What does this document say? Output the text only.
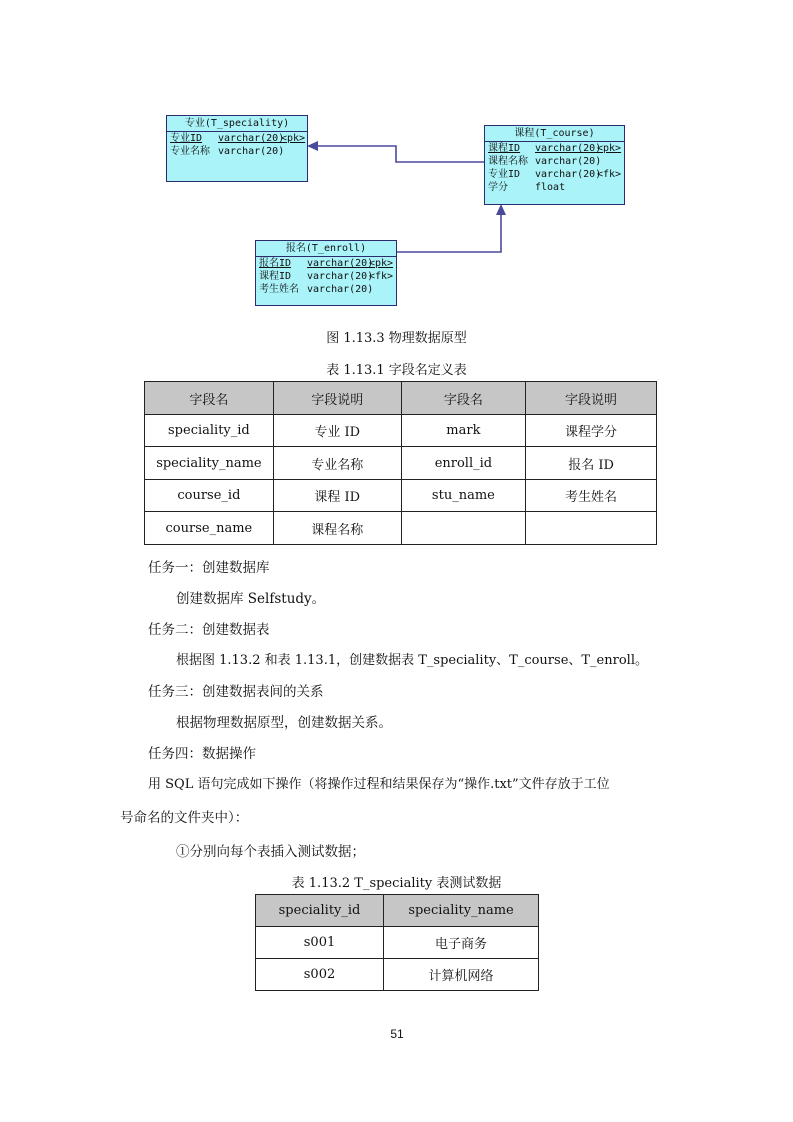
专业(T_speciality)
专业ID varchar(20)
<pk>
专业名称 varchar(20)
课程(T_course)
课程ID varchar(20)
<pk>
课程名称 varchar(20)
专业ID varchar(20)
<fk>
学分	float
报名(T_enroll)
报名ID varchar(20)
<pk>
课程ID varchar(20)
<fk>
考生姓名 varchar(20)
图 1.13.3 物理数据原型
表 1.13.1 字段名定义表
字段名	字段说明	字段名	字段说明
speciality_id	专业 ID	mark	课程学分
speciality_name	专业名称	enroll_id	报名 ID
course_id	课程 ID	stu_name	考生姓名
course_name	课程名称		
任务一：创建数据库
创建数据库 Selfstudy。
任务二：创建数据表
根据图 1.13.2 和表 1.13.1，创建数据表 T_speciality、T_course、T_enroll。
任务三：创建数据表间的关系
根据物理数据原型，创建数据关系。
任务四：数据操作
用 SQL 语句完成如下操作（将操作过程和结果保存为“操作.txt”文件存放于工位
号命名的文件夹中）：
①分别向每个表插入测试数据；
表 1.13.2 T_speciality 表测试数据
speciality_id	speciality_name
s001	电子商务
s002	计算机网络
51
